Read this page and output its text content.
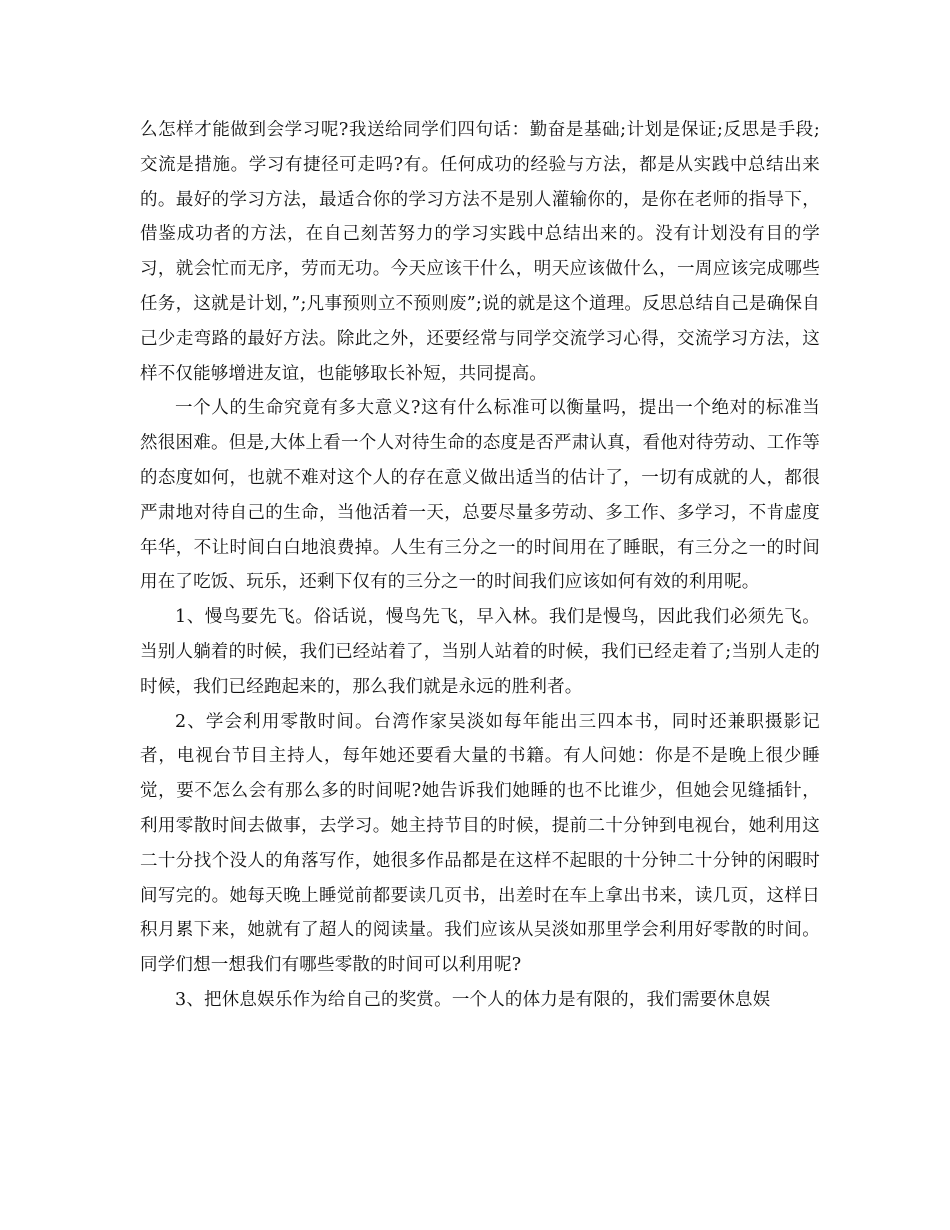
么怎样才能做到会学习呢?我送给同学们四句话：勤奋是基础;计划是保证;反思是手段;交流是措施。学习有捷径可走吗?有。任何成功的经验与方法，都是从实践中总结出来的。最好的学习方法，最适合你的学习方法不是别人灌输你的，是你在老师的指导下，借鉴成功者的方法，在自己刻苦努力的学习实践中总结出来的。没有计划没有目的学习，就会忙而无序，劳而无功。今天应该干什么，明天应该做什么，一周应该完成哪些任务，这就是计划，”;凡事预则立不预则废”;说的就是这个道理。反思总结自己是确保自己少走弯路的最好方法。除此之外，还要经常与同学交流学习心得，交流学习方法，这样不仅能够增进友谊，也能够取长补短，共同提高。

一个人的生命究竟有多大意义?这有什么标准可以衡量吗，提出一个绝对的标准当然很困难。但是,大体上看一个人对待生命的态度是否严肃认真，看他对待劳动、工作等的态度如何，也就不难对这个人的存在意义做出适当的估计了，一切有成就的人，都很严肃地对待自己的生命，当他活着一天，总要尽量多劳动、多工作、多学习，不肯虚度年华，不让时间白白地浪费掉。人生有三分之一的时间用在了睡眠，有三分之一的时间用在了吃饭、玩乐，还剩下仅有的三分之一的时间我们应该如何有效的利用呢。

1、慢鸟要先飞。俗话说，慢鸟先飞，早入林。我们是慢鸟，因此我们必须先飞。当别人躺着的时候，我们已经站着了，当别人站着的时候，我们已经走着了;当别人走的时候，我们已经跑起来的，那么我们就是永远的胜利者。

2、学会利用零散时间。台湾作家吴淡如每年能出三四本书，同时还兼职摄影记者，电视台节目主持人，每年她还要看大量的书籍。有人问她：你是不是晚上很少睡觉，要不怎么会有那么多的时间呢?她告诉我们她睡的也不比谁少，但她会见缝插针，利用零散时间去做事，去学习。她主持节目的时候，提前二十分钟到电视台，她利用这二十分找个没人的角落写作，她很多作品都是在这样不起眼的十分钟二十分钟的闲暇时间写完的。她每天晚上睡觉前都要读几页书，出差时在车上拿出书来，读几页，这样日积月累下来，她就有了超人的阅读量。我们应该从吴淡如那里学会利用好零散的时间。同学们想一想我们有哪些零散的时间可以利用呢?

3、把休息娱乐作为给自己的奖赏。一个人的体力是有限的，我们需要休息娱
